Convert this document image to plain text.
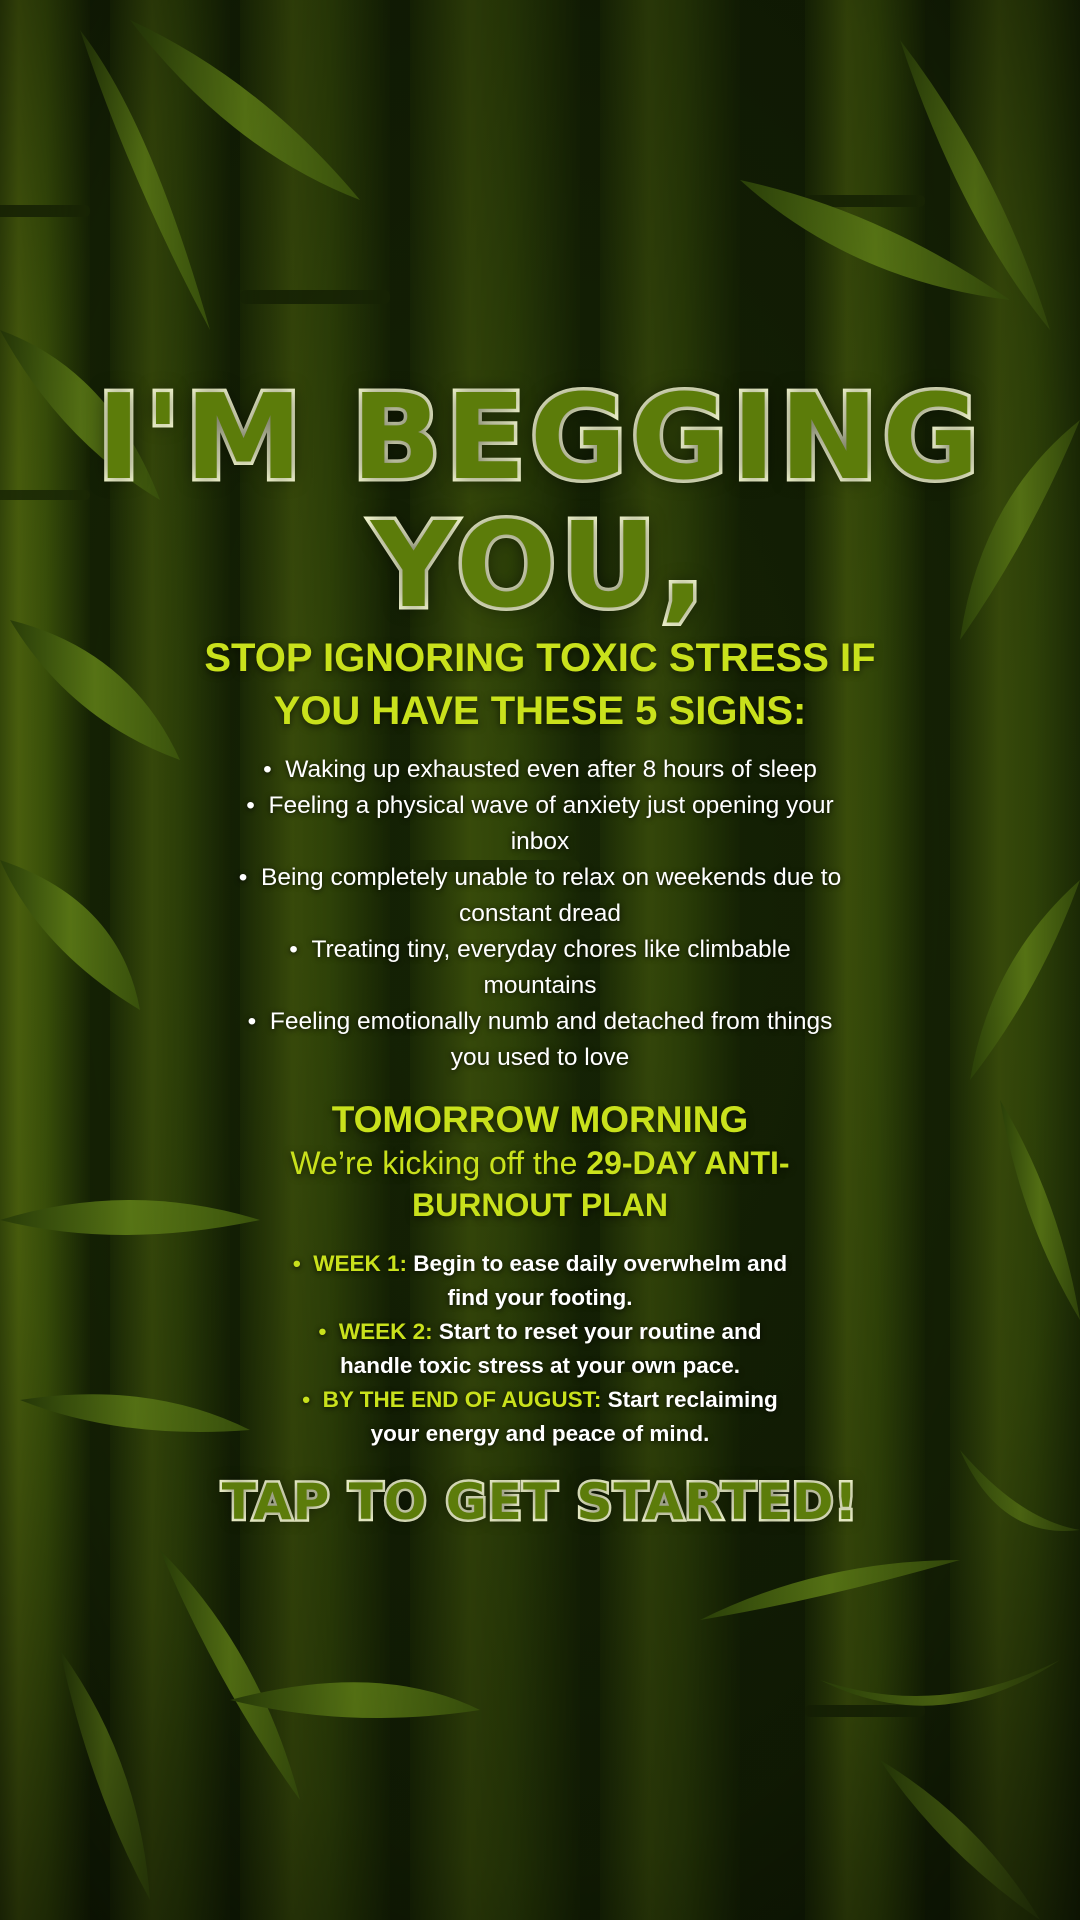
I'M BEGGING
YOU,
STOP IGNORING TOXIC STRESS IF YOU HAVE THESE 5 SIGNS:
•  Waking up exhausted even after 8 hours of sleep
•  Feeling a physical wave of anxiety just opening your inbox
•  Being completely unable to relax on weekends due to constant dread
•  Treating tiny, everyday chores like climbable mountains
•  Feeling emotionally numb and detached from things you used to love
TOMORROW MORNING
We’re kicking off the 29-DAY ANTI-BURNOUT PLAN
•  WEEK 1: Begin to ease daily overwhelm and find your footing.
•  WEEK 2: Start to reset your routine and handle toxic stress at your own pace.
•  BY THE END OF AUGUST: Start reclaiming your energy and peace of mind.
TAP TO GET STARTED!
